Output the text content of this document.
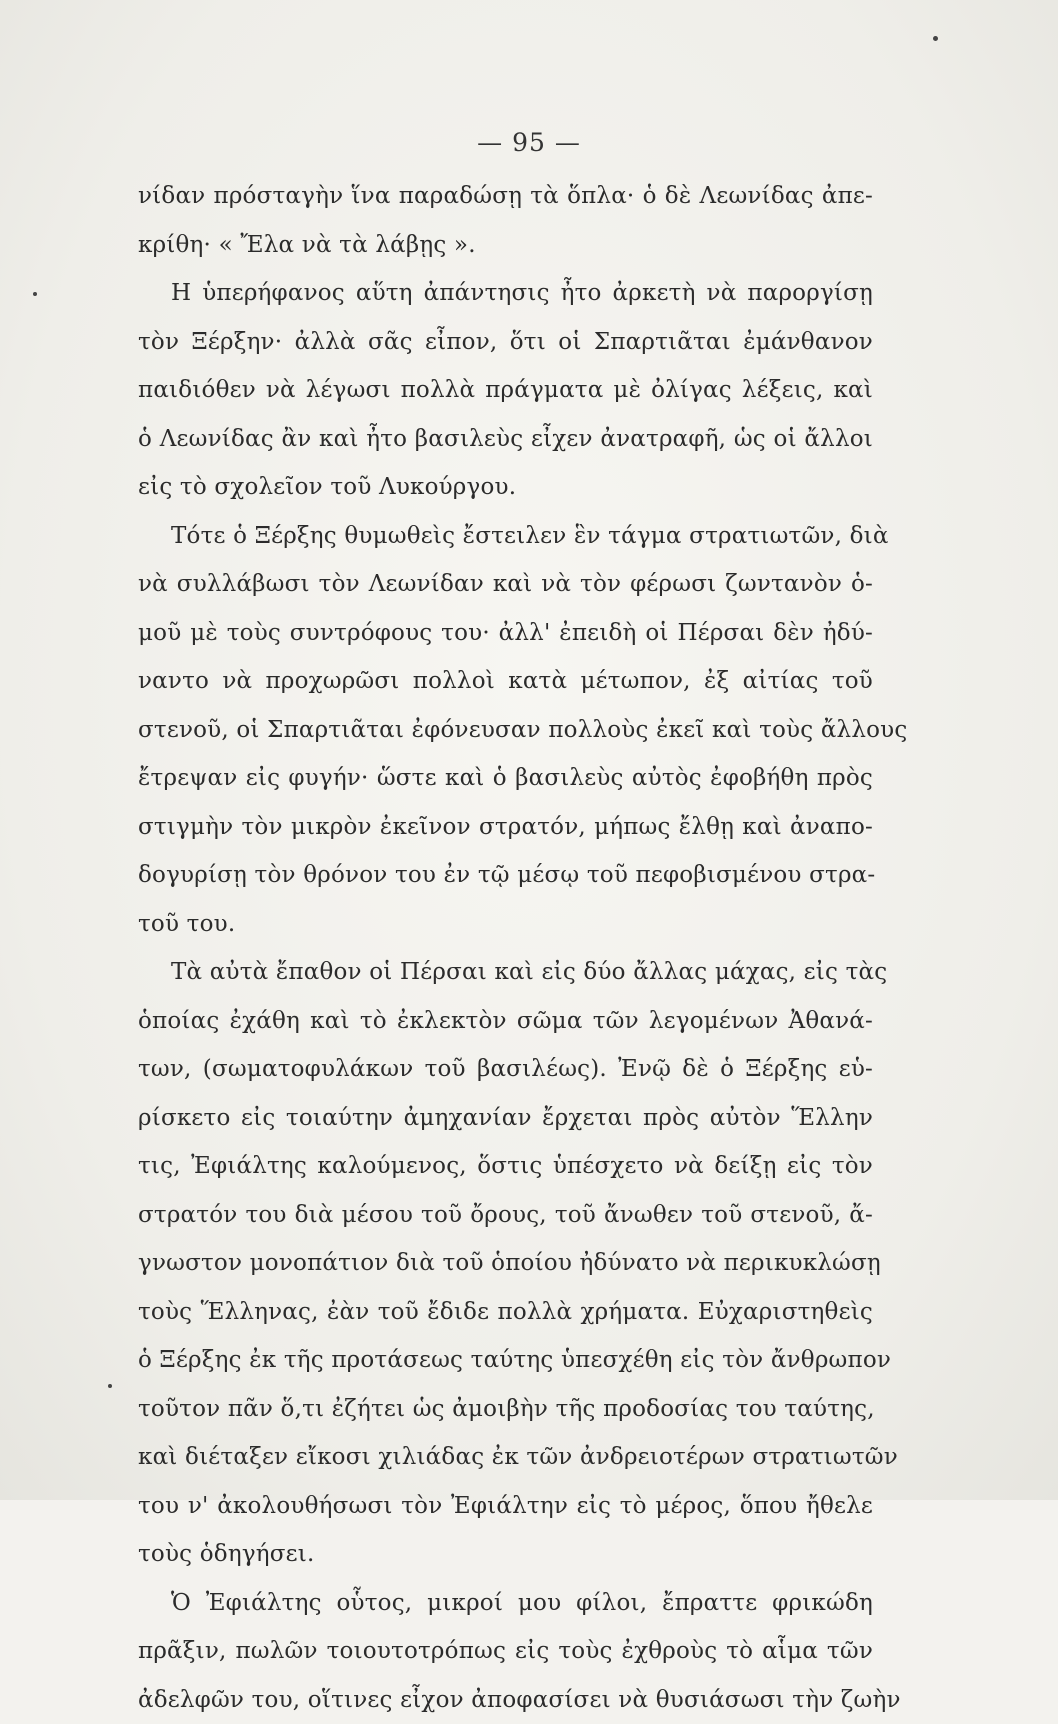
— 95 —
νίδαν πρόσταγὴν ἵνα παραδώσῃ τὰ ὅπλα· ὁ δὲ Λεωνίδας ἀπε-
κρίθη· « Ἔλα νὰ τὰ λάβῃς ».
Η ὑπερήφανος αὕτη ἀπάντησις ἦτο ἀρκετὴ νὰ παροργίσῃ
τὸν Ξέρξην· ἀλλὰ σᾶς εἶπον, ὅτι οἱ Σπαρτιᾶται ἐμάνθανον
παιδιόθεν νὰ λέγωσι πολλὰ πράγματα μὲ ὀλίγας λέξεις, καὶ
ὁ Λεωνίδας ἂν καὶ ἦτο βασιλεὺς εἶχεν ἀνατραφῆ, ὡς οἱ ἄλλοι
εἰς τὸ σχολεῖον τοῦ Λυκούργου.
Τότε ὁ Ξέρξης θυμωθεὶς ἔστειλεν ἓν τάγμα στρατιωτῶν, διὰ
νὰ συλλάβωσι τὸν Λεωνίδαν καὶ νὰ τὸν φέρωσι ζωντανὸν ὁ-
μοῦ μὲ τοὺς συντρόφους του· ἀλλ' ἐπειδὴ οἱ Πέρσαι δὲν ἠδύ-
ναντο νὰ προχωρῶσι πολλοὶ κατὰ μέτωπον, ἐξ αἰτίας τοῦ
στενοῦ, οἱ Σπαρτιᾶται ἐφόνευσαν πολλοὺς ἐκεῖ καὶ τοὺς ἄλλους
ἔτρεψαν εἰς φυγήν· ὥστε καὶ ὁ βασιλεὺς αὐτὸς ἐφοβήθη πρὸς
στιγμὴν τὸν μικρὸν ἐκεῖνον στρατόν, μήπως ἔλθῃ καὶ ἀναπο-
δογυρίσῃ τὸν θρόνον του ἐν τῷ μέσῳ τοῦ πεφοβισμένου στρα-
τοῦ του.
Τὰ αὐτὰ ἔπαθον οἱ Πέρσαι καὶ εἰς δύο ἄλλας μάχας, εἰς τὰς
ὁποίας ἐχάθη καὶ τὸ ἐκλεκτὸν σῶμα τῶν λεγομένων Ἀθανά-
των, (σωματοφυλάκων τοῦ βασιλέως). Ἐνῷ δὲ ὁ Ξέρξης εὑ-
ρίσκετο εἰς τοιαύτην ἀμηχανίαν ἔρχεται πρὸς αὐτὸν Ἕλλην
τις, Ἐφιάλτης καλούμενος, ὅστις ὑπέσχετο νὰ δείξῃ εἰς τὸν
στρατόν του διὰ μέσου τοῦ ὄρους, τοῦ ἄνωθεν τοῦ στενοῦ, ἄ-
γνωστον μονοπάτιον διὰ τοῦ ὁποίου ἠδύνατο νὰ περικυκλώσῃ
τοὺς Ἕλληνας, ἐὰν τοῦ ἔδιδε πολλὰ χρήματα. Εὐχαριστηθεὶς
ὁ Ξέρξης ἐκ τῆς προτάσεως ταύτης ὑπεσχέθη εἰς τὸν ἄνθρωπον
τοῦτον πᾶν ὅ,τι ἐζήτει ὡς ἀμοιβὴν τῆς προδοσίας του ταύτης,
καὶ διέταξεν εἴκοσι χιλιάδας ἐκ τῶν ἀνδρειοτέρων στρατιωτῶν
του ν' ἀκολουθήσωσι τὸν Ἐφιάλτην εἰς τὸ μέρος, ὅπου ἤθελε
τοὺς ὁδηγήσει.
Ὁ Ἐφιάλτης οὗτος, μικροί μου φίλοι, ἔπραττε φρικώδη
πρᾶξιν, πωλῶν τοιουτοτρόπως εἰς τοὺς ἐχθροὺς τὸ αἷμα τῶν
ἀδελφῶν του, οἵτινες εἶχον ἀποφασίσει νὰ θυσιάσωσι τὴν ζωὴν
